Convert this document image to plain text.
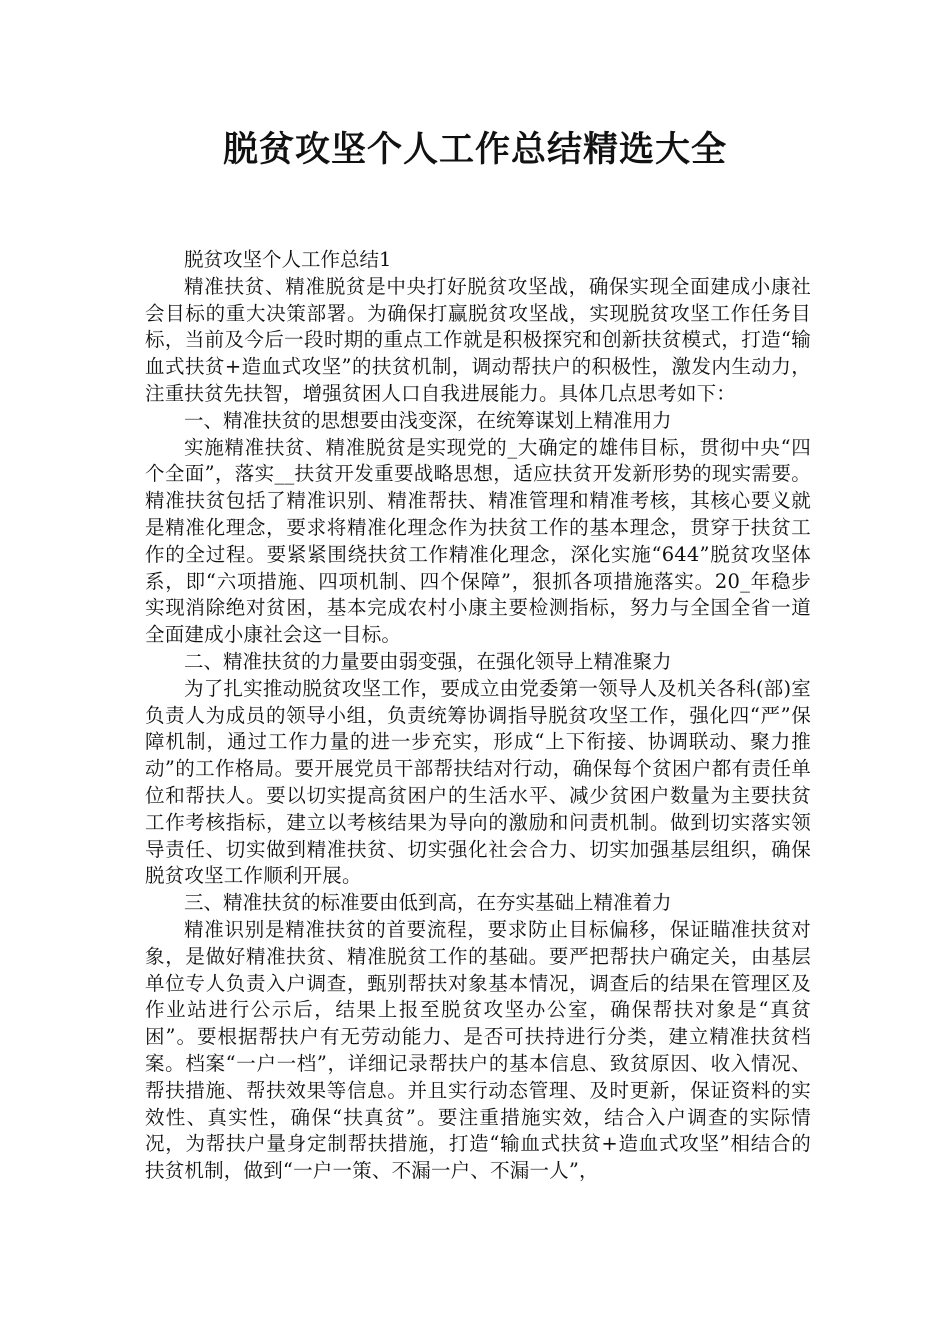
脱贫攻坚个人工作总结精选大全

脱贫攻坚个人工作总结1

精准扶贫、精准脱贫是中央打好脱贫攻坚战，确保实现全面建成小康社会目标的重大决策部署。为确保打赢脱贫攻坚战，实现脱贫攻坚工作任务目标，当前及今后一段时期的重点工作就是积极探究和创新扶贫模式，打造“输血式扶贫+造血式攻坚”的扶贫机制，调动帮扶户的积极性，激发内生动力，注重扶贫先扶智，增强贫困人口自我进展能力。具体几点思考如下：

一、精准扶贫的思想要由浅变深，在统筹谋划上精准用力

实施精准扶贫、精准脱贫是实现党的_大确定的雄伟目标，贯彻中央“四个全面”，落实__扶贫开发重要战略思想，适应扶贫开发新形势的现实需要。精准扶贫包括了精准识别、精准帮扶、精准管理和精准考核，其核心要义就是精准化理念，要求将精准化理念作为扶贫工作的基本理念，贯穿于扶贫工作的全过程。要紧紧围绕扶贫工作精准化理念，深化实施“644”脱贫攻坚体系，即“六项措施、四项机制、四个保障”，狠抓各项措施落实。20_年稳步实现消除绝对贫困，基本完成农村小康主要检测指标，努力与全国全省一道全面建成小康社会这一目标。

二、精准扶贫的力量要由弱变强，在强化领导上精准聚力

为了扎实推动脱贫攻坚工作，要成立由党委第一领导人及机关各科(部)室负责人为成员的领导小组，负责统筹协调指导脱贫攻坚工作，强化四“严”保障机制，通过工作力量的进一步充实，形成“上下衔接、协调联动、聚力推动”的工作格局。要开展党员干部帮扶结对行动，确保每个贫困户都有责任单位和帮扶人。要以切实提高贫困户的生活水平、减少贫困户数量为主要扶贫工作考核指标，建立以考核结果为导向的激励和问责机制。做到切实落实领导责任、切实做到精准扶贫、切实强化社会合力、切实加强基层组织，确保脱贫攻坚工作顺利开展。

三、精准扶贫的标准要由低到高，在夯实基础上精准着力

精准识别是精准扶贫的首要流程，要求防止目标偏移，保证瞄准扶贫对象，是做好精准扶贫、精准脱贫工作的基础。要严把帮扶户确定关，由基层单位专人负责入户调查，甄别帮扶对象基本情况，调查后的结果在管理区及作业站进行公示后，结果上报至脱贫攻坚办公室，确保帮扶对象是“真贫困”。要根据帮扶户有无劳动能力、是否可扶持进行分类，建立精准扶贫档案。档案“一户一档”，详细记录帮扶户的基本信息、致贫原因、收入情况、帮扶措施、帮扶效果等信息。并且实行动态管理、及时更新，保证资料的实效性、真实性，确保“扶真贫”。要注重措施实效，结合入户调查的实际情况，为帮扶户量身定制帮扶措施，打造“输血式扶贫+造血式攻坚”相结合的扶贫机制，做到“一户一策、不漏一户、不漏一人”，
